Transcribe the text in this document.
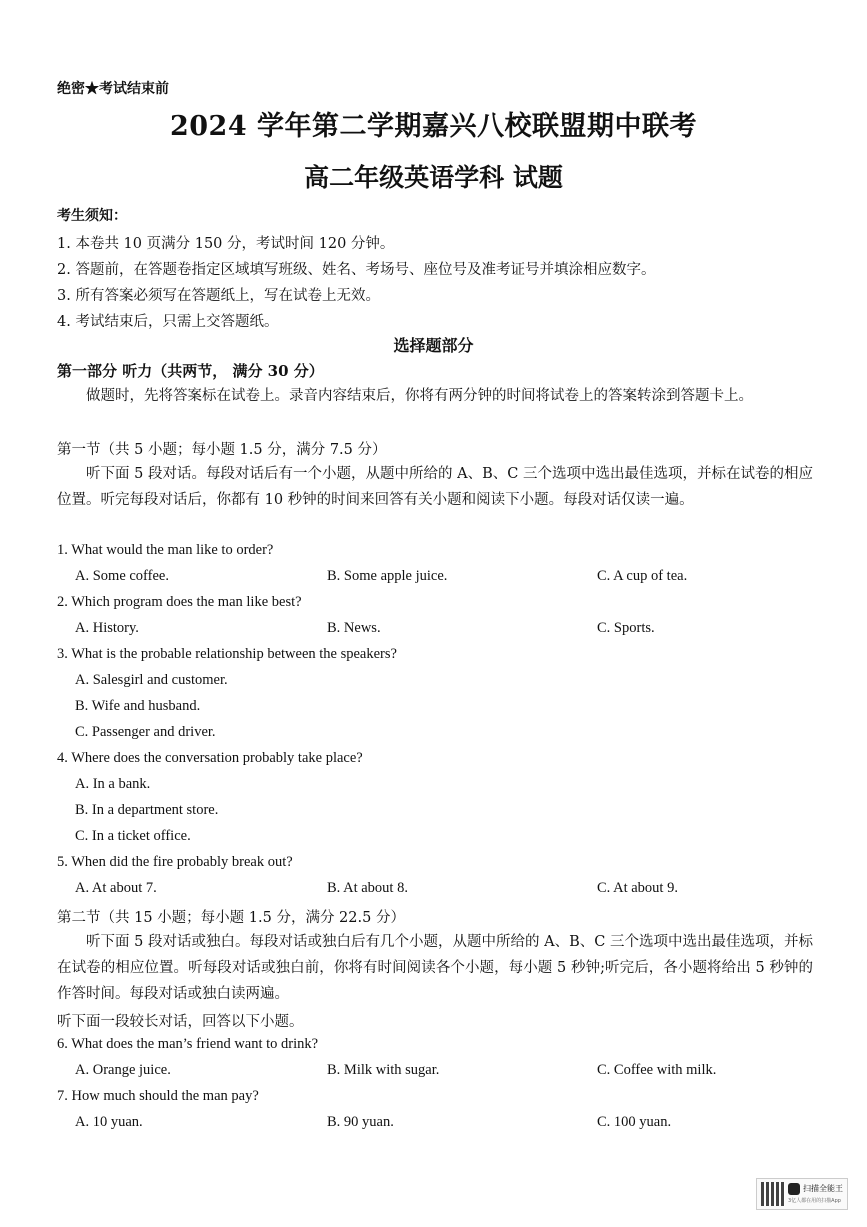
绝密★考试结束前
2024 学年第二学期嘉兴八校联盟期中联考
高二年级英语学科 试题
考生须知：
1. 本卷共 10 页满分 150 分，考试时间 120 分钟。
2. 答题前，在答题卷指定区域填写班级、姓名、考场号、座位号及准考证号并填涂相应数字。
3. 所有答案必须写在答题纸上，写在试卷上无效。
4. 考试结束后，只需上交答题纸。
选择题部分
第一部分 听力（共两节， 满分 30 分）
做题时，先将答案标在试卷上。录音内容结束后，你将有两分钟的时间将试卷上的答案转涂到答题卡上。
第一节（共 5 小题；每小题 1.5 分，满分 7.5 分）
听下面 5 段对话。每段对话后有一个小题，从题中所给的 A、B、C 三个选项中选出最佳选项，并标在试卷的相应位置。听完每段对话后，你都有 10 秒钟的时间来回答有关小题和阅读下小题。每段对话仅读一遍。
1. What would the man like to order?
A. Some coffee.	B. Some apple juice.	C. A cup of tea.
2. Which program does the man like best?
A. History.	B. News.	C. Sports.
3. What is the probable relationship between the speakers?
A. Salesgirl and customer.
B. Wife and husband.
C. Passenger and driver.
4. Where does the conversation probably take place?
A. In a bank.
B. In a department store.
C. In a ticket office.
5. When did the fire probably break out?
A. At about 7.	B. At about 8.	C. At about 9.
第二节（共 15 小题；每小题 1.5 分，满分 22.5 分）
听下面 5 段对话或独白。每段对话或独白后有几个小题，从题中所给的 A、B、C 三个选项中选出最佳选项，并标在试卷的相应位置。听每段对话或独白前，你将有时间阅读各个小题，每小题 5 秒钟;听完后，各小题将给出 5 秒钟的作答时间。每段对话或独白读两遍。
听下面一段较长对话，回答以下小题。
6. What does the man’s friend want to drink?
A. Orange juice.	B. Milk with sugar.	C. Coffee with milk.
7. How much should the man pay?
A. 10 yuan.	B. 90 yuan.	C. 100 yuan.
扫描全能王
3亿人都在用的扫描App
